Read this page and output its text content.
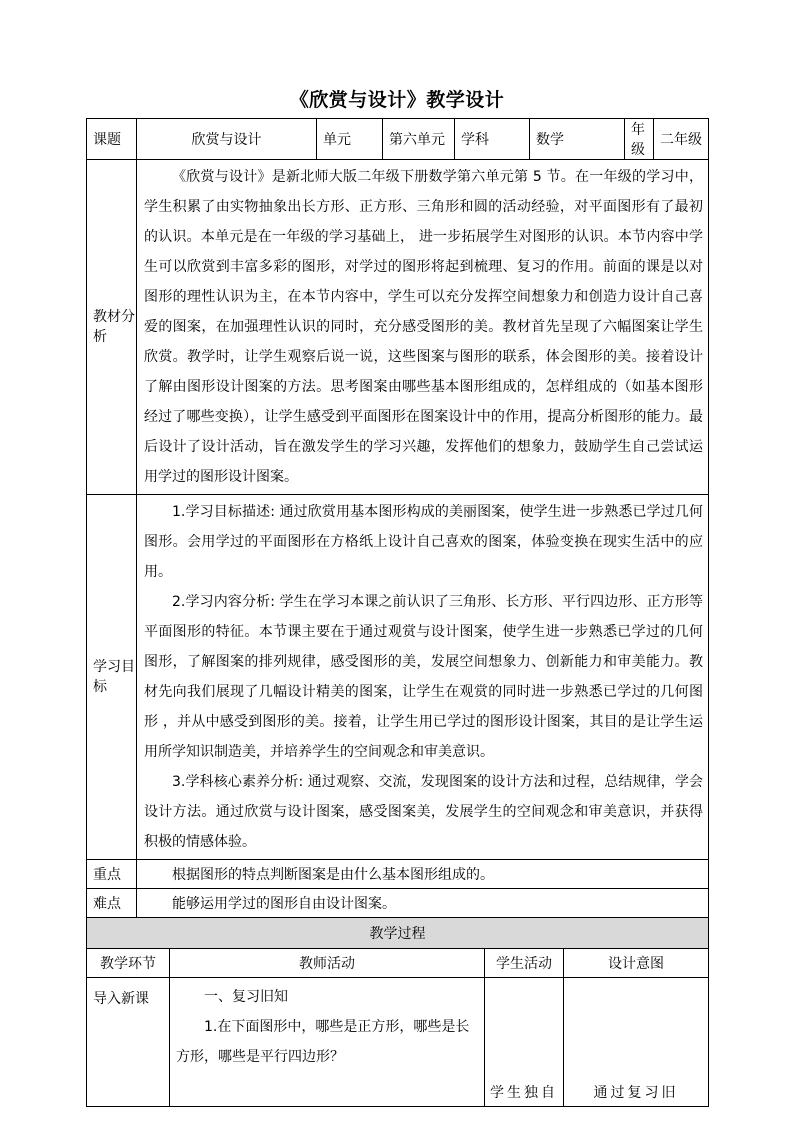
《欣赏与设计》教学设计
课题	欣赏与设计		单元	第六单元	学科		数学		年级	二年级
教材分析	《欣赏与设计》是新北师大版二年级下册数学第六单元第 5 节。在一年级的学习中，学生积累了由实物抽象出长方形、正方形、三角形和圆的活动经验，对平面图形有了最初的认识。本单元是在一年级的学习基础上， 进一步拓展学生对图形的认识。本节内容中学生可以欣赏到丰富多彩的图形，对学过的图形将起到梳理、复习的作用。前面的课是以对图形的理性认识为主，在本节内容中，学生可以充分发挥空间想象力和创造力设计自己喜爱的图案，在加强理性认识的同时，充分感受图形的美。教材首先呈现了六幅图案让学生欣赏。教学时，让学生观察后说一说，这些图案与图形的联系，体会图形的美。接着设计了解由图形设计图案的方法。思考图案由哪些基本图形组成的，怎样组成的（如基本图形经过了哪些变换），让学生感受到平面图形在图案设计中的作用，提高分析图形的能力。最后设计了设计活动，旨在激发学生的学习兴趣，发挥他们的想象力，鼓励学生自己尝试运用学过的图形设计图案。									

学习目标	1.学习目标描述: 通过欣赏用基本图形构成的美丽图案，使学生进一步熟悉已学过几何图形。会用学过的平面图形在方格纸上设计自己喜欢的图案，体验变换在现实生活中的应用。

2.学习内容分析: 学生在学习本课之前认识了三角形、长方形、平行四边形、正方形等平面图形的特征。本节课主要在于通过观赏与设计图案，使学生进一步熟悉已学过的几何图形，了解图案的排列规律，感受图形的美，发展空间想象力、创新能力和审美能力。教材先向我们展现了几幅设计精美的图案，让学生在观赏的同时进一步熟悉已学过的几何图形 ，并从中感受到图形的美。接着，让学生用已学过的图形设计图案，其目的是让学生运用所学知识制造美，并培养学生的空间观念和审美意识。

3.学科核心素养分析: 通过观察、交流，发现图案的设计方法和过程，总结规律，学会设计方法。通过欣赏与设计图案，感受图案美，发展学生的空间观念和审美意识，并获得积极的情感体验。									

重点	根据图形的特点判断图案是由什么基本图形组成的。									
难点	能够运用学过的图形自由设计图案。									
教学过程										
教学环节		教师活动				学生活动		设计意图		
导入新课		一、复习旧知

1.在下面图形中，哪些是正方形，哪些是长方形，哪些是平行四边形？				学生独自		通过复习旧		
